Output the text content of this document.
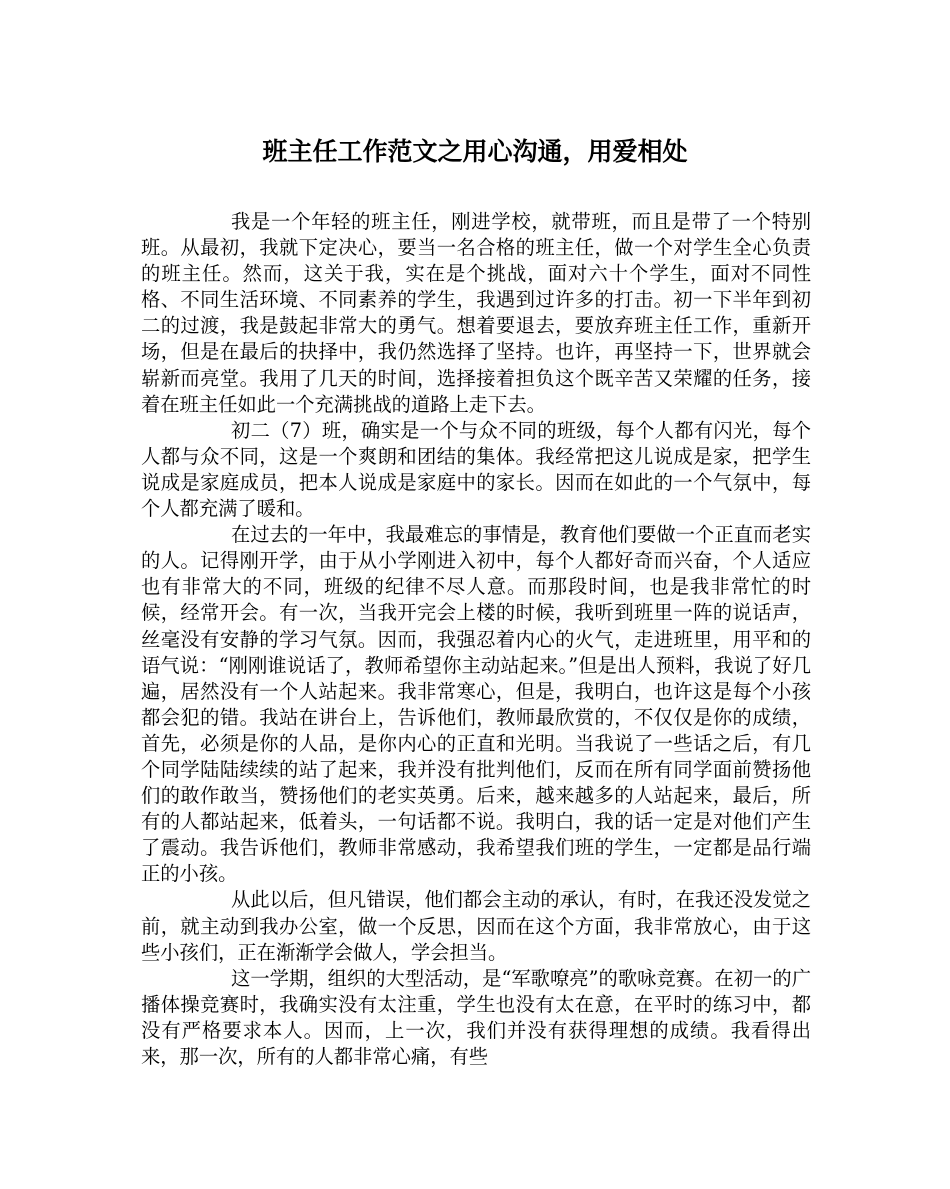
班主任工作范文之用心沟通，用爱相处

我是一个年轻的班主任，刚进学校，就带班，而且是带了一个特别班。从最初，我就下定决心，要当一名合格的班主任，做一个对学生全心负责的班主任。然而，这关于我，实在是个挑战，面对六十个学生，面对不同性格、不同生活环境、不同素养的学生，我遇到过许多的打击。初一下半年到初二的过渡，我是鼓起非常大的勇气。想着要退去，要放弃班主任工作，重新开场，但是在最后的抉择中，我仍然选择了坚持。也许，再坚持一下，世界就会崭新而亮堂。我用了几天的时间，选择接着担负这个既辛苦又荣耀的任务，接着在班主任如此一个充满挑战的道路上走下去。

初二（7）班，确实是一个与众不同的班级，每个人都有闪光，每个人都与众不同，这是一个爽朗和团结的集体。我经常把这儿说成是家，把学生说成是家庭成员，把本人说成是家庭中的家长。因而在如此的一个气氛中，每个人都充满了暖和。

在过去的一年中，我最难忘的事情是，教育他们要做一个正直而老实的人。记得刚开学，由于从小学刚进入初中，每个人都好奇而兴奋，个人适应也有非常大的不同，班级的纪律不尽人意。而那段时间，也是我非常忙的时候，经常开会。有一次，当我开完会上楼的时候，我听到班里一阵的说话声，丝毫没有安静的学习气氛。因而，我强忍着内心的火气，走进班里，用平和的语气说：“刚刚谁说话了，教师希望你主动站起来。”但是出人预料，我说了好几遍，居然没有一个人站起来。我非常寒心，但是，我明白，也许这是每个小孩都会犯的错。我站在讲台上，告诉他们，教师最欣赏的，不仅仅是你的成绩，首先，必须是你的人品，是你内心的正直和光明。当我说了一些话之后，有几个同学陆陆续续的站了起来，我并没有批判他们，反而在所有同学面前赞扬他们的敢作敢当，赞扬他们的老实英勇。后来，越来越多的人站起来，最后，所有的人都站起来，低着头，一句话都不说。我明白，我的话一定是对他们产生了震动。我告诉他们，教师非常感动，我希望我们班的学生，一定都是品行端正的小孩。

从此以后，但凡错误，他们都会主动的承认，有时，在我还没发觉之前，就主动到我办公室，做一个反思，因而在这个方面，我非常放心，由于这些小孩们，正在渐渐学会做人，学会担当。

这一学期，组织的大型活动，是“军歌嘹亮”的歌咏竞赛。在初一的广播体操竞赛时，我确实没有太注重，学生也没有太在意，在平时的练习中，都没有严格要求本人。因而，上一次，我们并没有获得理想的成绩。我看得出来，那一次，所有的人都非常心痛，有些
